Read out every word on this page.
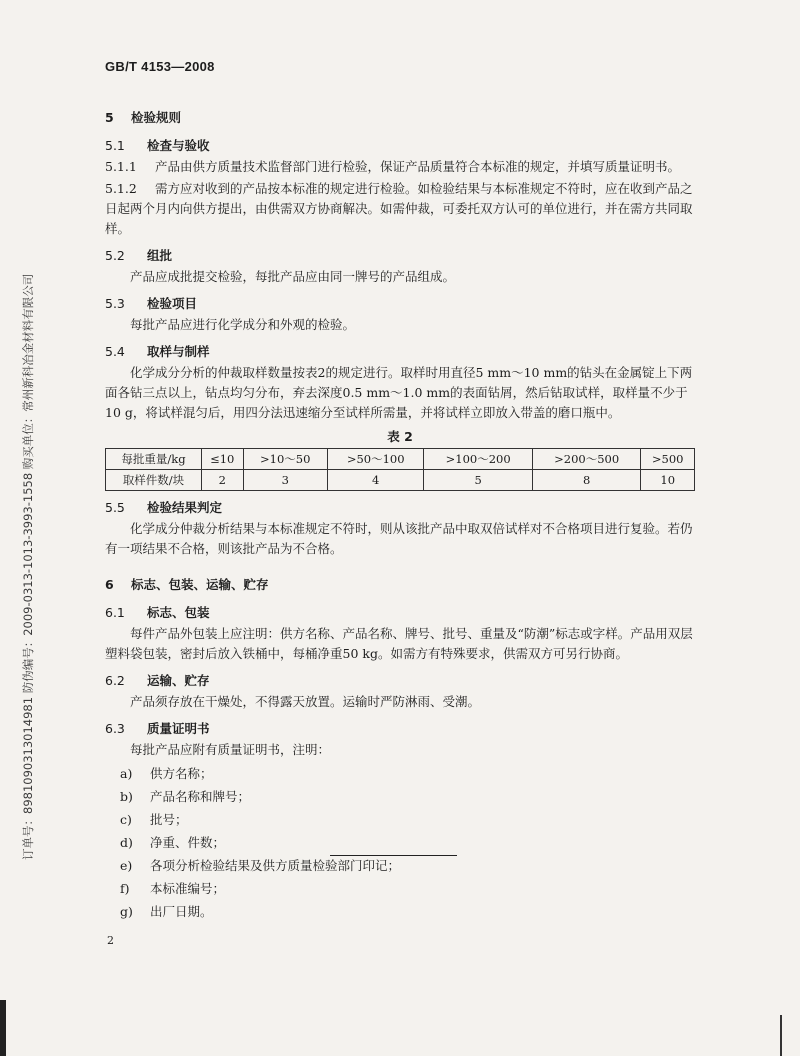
GB/T 4153—2008
订单号：8981090313014981 防伪编号：2009-0313-1013-3993-1558 购买单位：常州新科冶金材料有限公司
5 检验规则
5.1 检查与验收

5.1.1 产品由供方质量技术监督部门进行检验，保证产品质量符合本标准的规定，并填写质量证明书。

5.1.2 需方应对收到的产品按本标准的规定进行检验。如检验结果与本标准规定不符时，应在收到产品之日起两个月内向供方提出，由供需双方协商解决。如需仲裁，可委托双方认可的单位进行，并在需方共同取样。

5.2 组批

产品应成批提交检验，每批产品应由同一牌号的产品组成。

5.3 检验项目

每批产品应进行化学成分和外观的检验。

5.4 取样与制样

化学成分分析的仲裁取样数量按表2的规定进行。取样时用直径5 mm～10 mm的钻头在金属锭上下两面各钻三点以上，钻点均匀分布，弃去深度0.5 mm～1.0 mm的表面钻屑，然后钻取试样，取样量不少于10 g，将试样混匀后，用四分法迅速缩分至试样所需量，并将试样立即放入带盖的磨口瓶中。

表 2
每批重量/kg	≤10	>10～50	>50～100	>100～200	>200～500	>500
取样件数/块	2	3	4	5	8	10
5.5 检验结果判定

化学成分仲裁分析结果与本标准规定不符时，则从该批产品中取双倍试样对不合格项目进行复验。若仍有一项结果不合格，则该批产品为不合格。

6 标志、包装、运输、贮存
6.1 标志、包装

每件产品外包装上应注明：供方名称、产品名称、牌号、批号、重量及“防潮”标志或字样。产品用双层塑料袋包装，密封后放入铁桶中，每桶净重50 kg。如需方有特殊要求，供需双方可另行协商。

6.2 运输、贮存

产品须存放在干燥处，不得露天放置。运输时严防淋雨、受潮。

6.3 质量证明书

每批产品应附有质量证明书，注明：

a) 供方名称；
b) 产品名称和牌号；
c) 批号；
d) 净重、件数；
e) 各项分析检验结果及供方质量检验部门印记；
f) 本标准编号；
g) 出厂日期。
2
